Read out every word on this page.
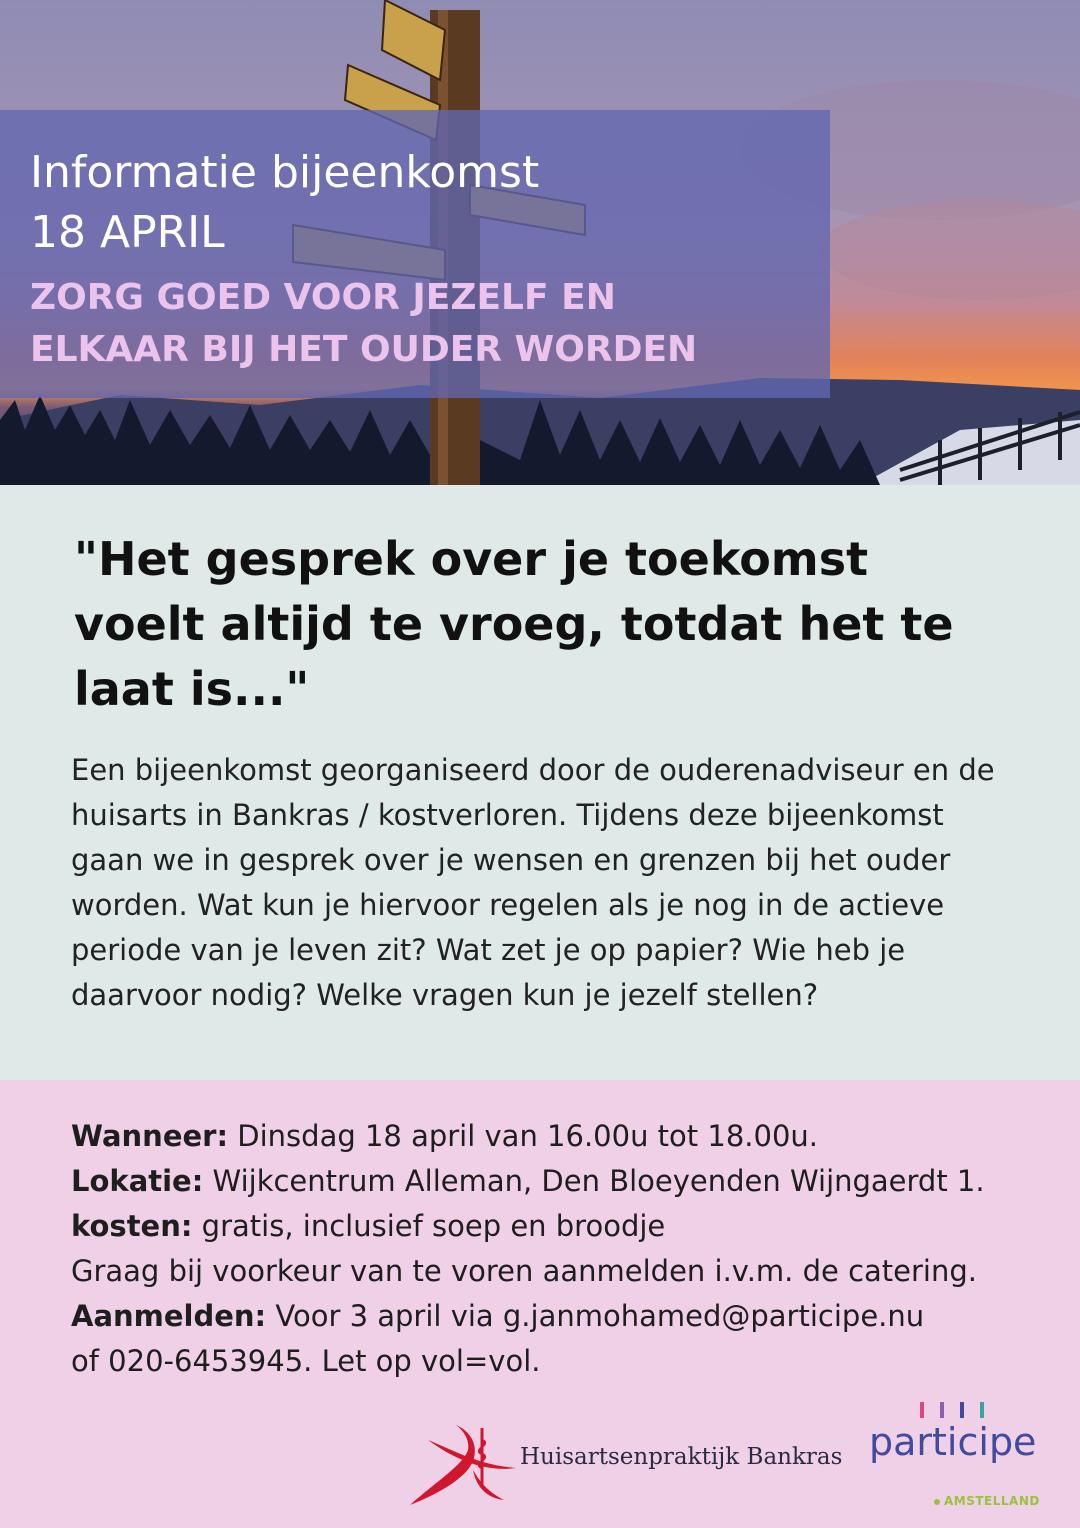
Informatie bijeenkomst
18 APRIL
ZORG GOED VOOR JEZELF EN
ELKAAR BIJ HET OUDER WORDEN
"Het gesprek over je toekomst
voelt altijd te vroeg, totdat het te
laat is..."
Een bijeenkomst georganiseerd door de ouderenadviseur en de
huisarts in Bankras / kostverloren. Tijdens deze bijeenkomst
gaan we in gesprek over je wensen en grenzen bij het ouder
worden. Wat kun je hiervoor regelen als je nog in de actieve
periode van je leven zit? Wat zet je op papier? Wie heb je
daarvoor nodig? Welke vragen kun je jezelf stellen?
Wanneer: Dinsdag 18 april van 16.00u tot 18.00u.
Lokatie: Wijkcentrum Alleman, Den Bloeyenden Wijngaerdt 1.
kosten: gratis, inclusief soep en broodje
Graag bij voorkeur van te voren aanmelden i.v.m. de catering.
Aanmelden: Voor 3 april via g.janmohamed@participe.nu
of 020-6453945. Let op vol=vol.
Huisartsenpraktijk Bankras participe
AMSTELLAND
